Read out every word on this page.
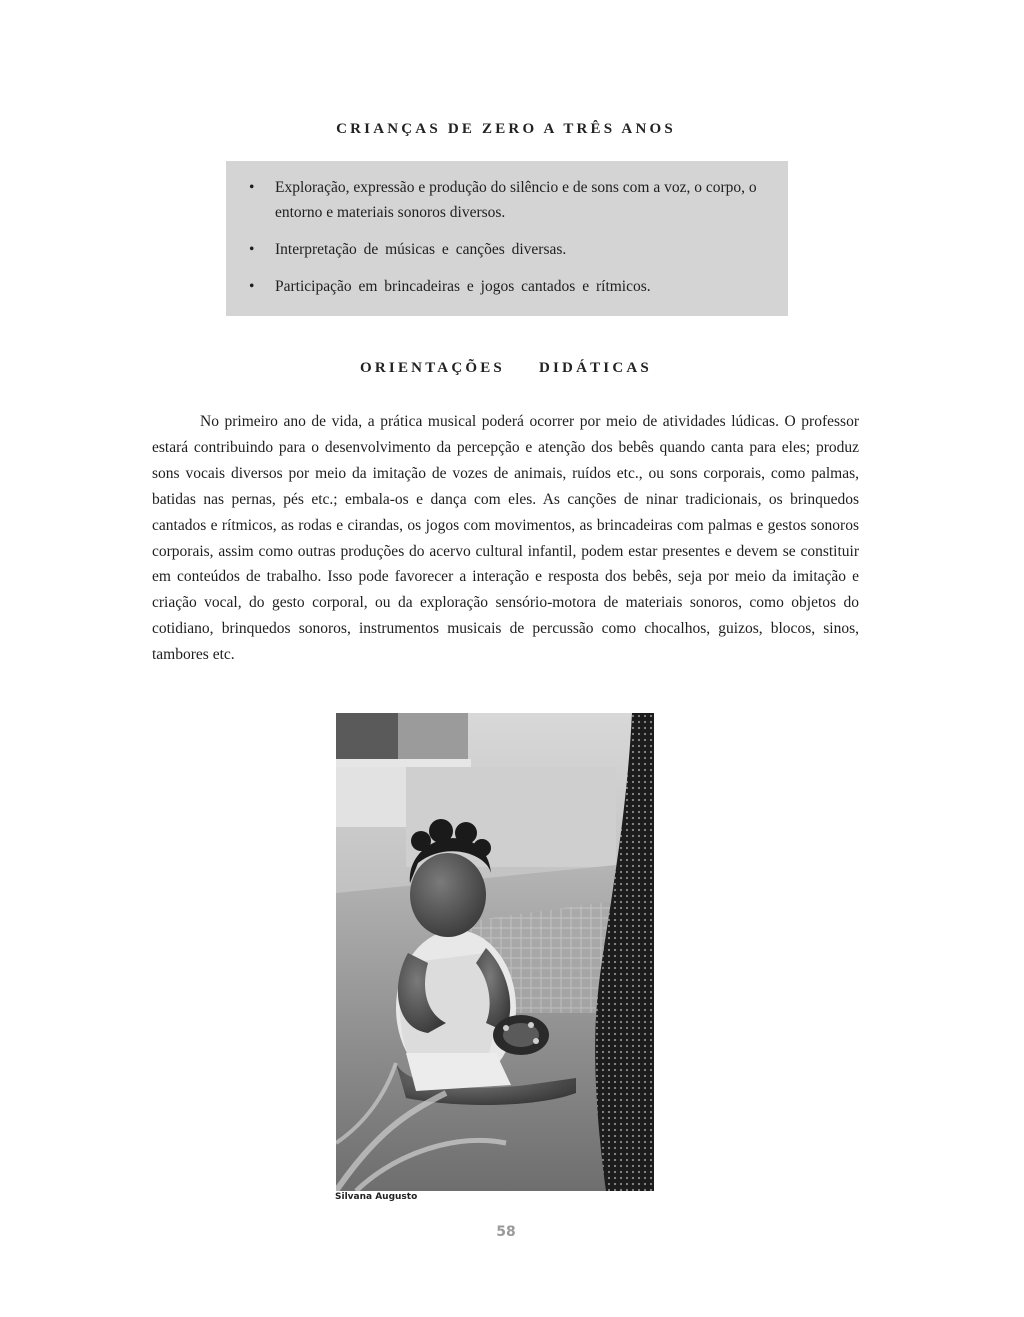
CRIANÇAS DE ZERO A TRÊS ANOS
• Exploração, expressão e produção do silêncio e de sons com a voz, o corpo, o entorno e materiais sonoros diversos.
• Interpretação de músicas e canções diversas.
• Participação em brincadeiras e jogos cantados e rítmicos.
ORIENTAÇÕES DIDÁTICAS

No primeiro ano de vida, a prática musical poderá ocorrer por meio de atividades lúdicas. O professor estará contribuindo para o desenvolvimento da percepção e atenção dos bebês quando canta para eles; produz sons vocais diversos por meio da imitação de vozes de animais, ruídos etc., ou sons corporais, como palmas, batidas nas pernas, pés etc.; embala-os e dança com eles. As canções de ninar tradicionais, os brinquedos cantados e rítmicos, as rodas e cirandas, os jogos com movimentos, as brincadeiras com palmas e gestos sonoros corporais, assim como outras produções do acervo cultural infantil, podem estar presentes e devem se constituir em conteúdos de trabalho. Isso pode favorecer a interação e resposta dos bebês, seja por meio da imitação e criação vocal, do gesto corporal, ou da exploração sensório-motora de materiais sonoros, como objetos do cotidiano, brinquedos sonoros, instrumentos musicais de percussão como chocalhos, guizos, blocos, sinos, tambores etc.

Silvana Augusto
58
